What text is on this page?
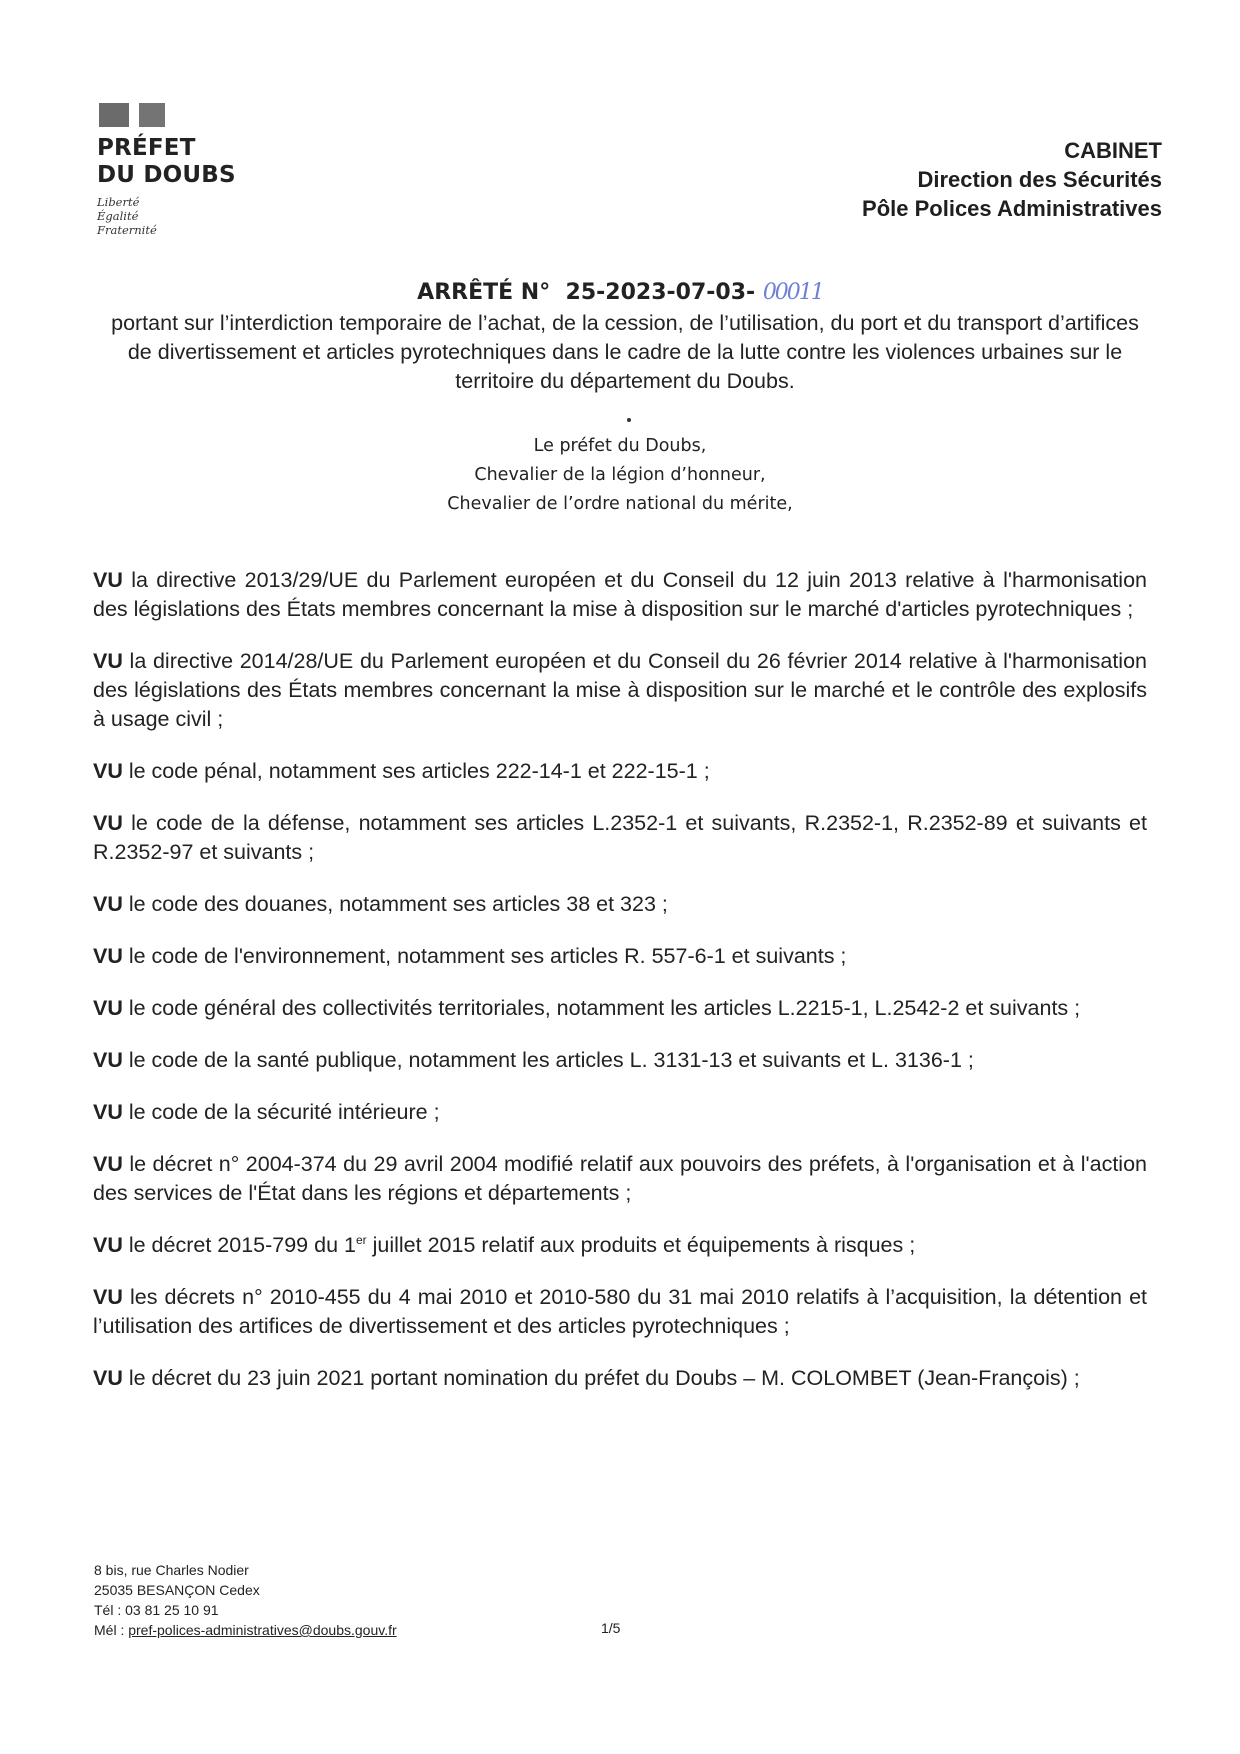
PRÉFET
DU DOUBS
Liberté
Égalité
Fraternité
CABINET
Direction des Sécurités
Pôle Polices Administratives
ARRÊTÉ N°  25-2023-07-03- 00011
portant sur l’interdiction temporaire de l’achat, de la cession, de l’utilisation, du port et du transport d’artifices de divertissement et articles pyrotechniques dans le cadre de la lutte contre les violences urbaines sur le territoire du département du Doubs.
Le préfet du Doubs,
Chevalier de la légion d’honneur,
Chevalier de l’ordre national du mérite,

VU la directive 2013/29/UE du Parlement européen et du Conseil du 12 juin 2013 relative à l'harmonisation des législations des États membres concernant la mise à disposition sur le marché d'articles pyrotechniques ;

VU la directive 2014/28/UE du Parlement européen et du Conseil du 26 février 2014 relative à l'harmonisation des législations des États membres concernant la mise à disposition sur le marché et le contrôle des explosifs à usage civil ;

VU le code pénal, notamment ses articles 222-14-1 et 222-15-1 ;

VU le code de la défense, notamment ses articles L.2352-1 et suivants, R.2352-1, R.2352-89 et suivants et R.2352-97 et suivants ;

VU le code des douanes, notamment ses articles 38 et 323 ;

VU le code de l'environnement, notamment ses articles R. 557-6-1 et suivants ;

VU le code général des collectivités territoriales, notamment les articles L.2215-1, L.2542-2 et suivants ;

VU le code de la santé publique, notamment les articles L. 3131-13 et suivants et L. 3136-1 ;

VU le code de la sécurité intérieure ;

VU le décret n° 2004-374 du 29 avril 2004 modifié relatif aux pouvoirs des préfets, à l'organisation et à l'action des services de l'État dans les régions et départements ;

VU le décret 2015-799 du 1er juillet 2015 relatif aux produits et équipements à risques ;

VU les décrets n° 2010-455 du 4 mai 2010 et 2010-580 du 31 mai 2010 relatifs à l’acquisition, la détention et l’utilisation des artifices de divertissement et des articles pyrotechniques ;

VU le décret du 23 juin 2021 portant nomination du préfet du Doubs – M. COLOMBET (Jean-François) ;

8 bis, rue Charles Nodier
25035 BESANÇON Cedex
Tél : 03 81 25 10 91
Mél : pref-polices-administratives@doubs.gouv.fr	1/5
